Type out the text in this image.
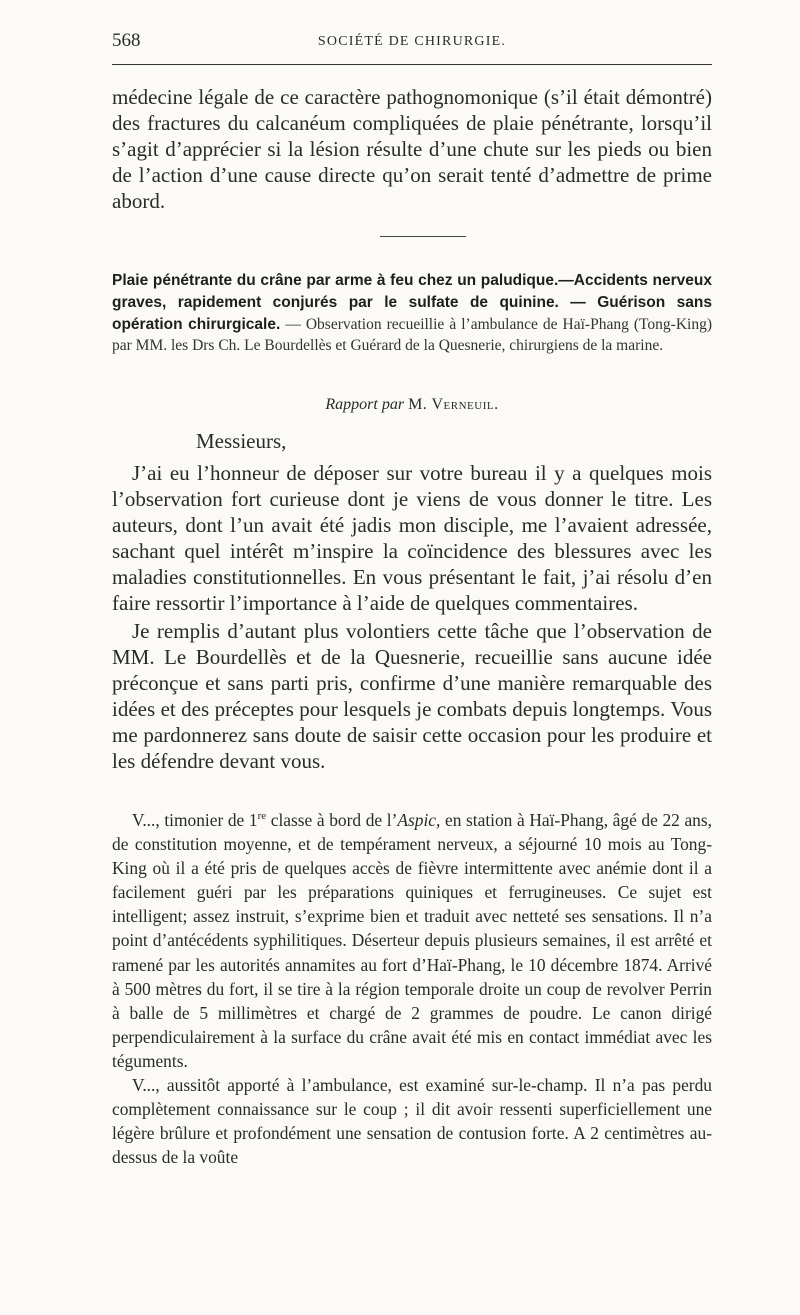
568	SOCIÉTÉ DE CHIRURGIE.

médecine légale de ce caractère pathognomonique (s’il était démontré) des fractures du calcanéum compliquées de plaie pénétrante, lorsqu’il s’agit d’apprécier si la lésion résulte d’une chute sur les pieds ou bien de l’action d’une cause directe qu’on serait tenté d’admettre de prime abord.

Plaie pénétrante du crâne par arme à feu chez un paludique.—Accidents nerveux graves, rapidement conjurés par le sulfate de quinine. — Guérison sans opération chirurgicale. — Observation recueillie à l’ambulance de Haï-Phang (Tong-King) par MM. les Drs Ch. Le Bourdellès et Guérard de la Quesnerie, chirurgiens de la marine.
Rapport par M. Verneuil.
Messieurs,

J’ai eu l’honneur de déposer sur votre bureau il y a quelques mois l’observation fort curieuse dont je viens de vous donner le titre. Les auteurs, dont l’un avait été jadis mon disciple, me l’avaient adressée, sachant quel intérêt m’inspire la coïncidence des blessures avec les maladies constitutionnelles. En vous présentant le fait, j’ai résolu d’en faire ressortir l’importance à l’aide de quelques commentaires.

Je remplis d’autant plus volontiers cette tâche que l’observation de MM. Le Bourdellès et de la Quesnerie, recueillie sans aucune idée préconçue et sans parti pris, confirme d’une manière remarquable des idées et des préceptes pour lesquels je combats depuis longtemps. Vous me pardonnerez sans doute de saisir cette occasion pour les produire et les défendre devant vous.

V..., timonier de 1re classe à bord de l’Aspic, en station à Haï-Phang, âgé de 22 ans, de constitution moyenne, et de tempérament nerveux, a séjourné 10 mois au Tong-King où il a été pris de quelques accès de fièvre intermittente avec anémie dont il a facilement guéri par les préparations quiniques et ferrugineuses. Ce sujet est intelligent; assez instruit, s’exprime bien et traduit avec netteté ses sensations. Il n’a point d’antécédents syphilitiques. Déserteur depuis plusieurs semaines, il est arrêté et ramené par les autorités annamites au fort d’Haï-Phang, le 10 décembre 1874. Arrivé à 500 mètres du fort, il se tire à la région temporale droite un coup de revolver Perrin à balle de 5 millimètres et chargé de 2 grammes de poudre. Le canon dirigé perpendiculairement à la surface du crâne avait été mis en contact immédiat avec les téguments.

V..., aussitôt apporté à l’ambulance, est examiné sur-le-champ. Il n’a pas perdu complètement connaissance sur le coup ; il dit avoir ressenti superficiellement une légère brûlure et profondément une sensation de contusion forte. A 2 centimètres au-dessus de la voûte
